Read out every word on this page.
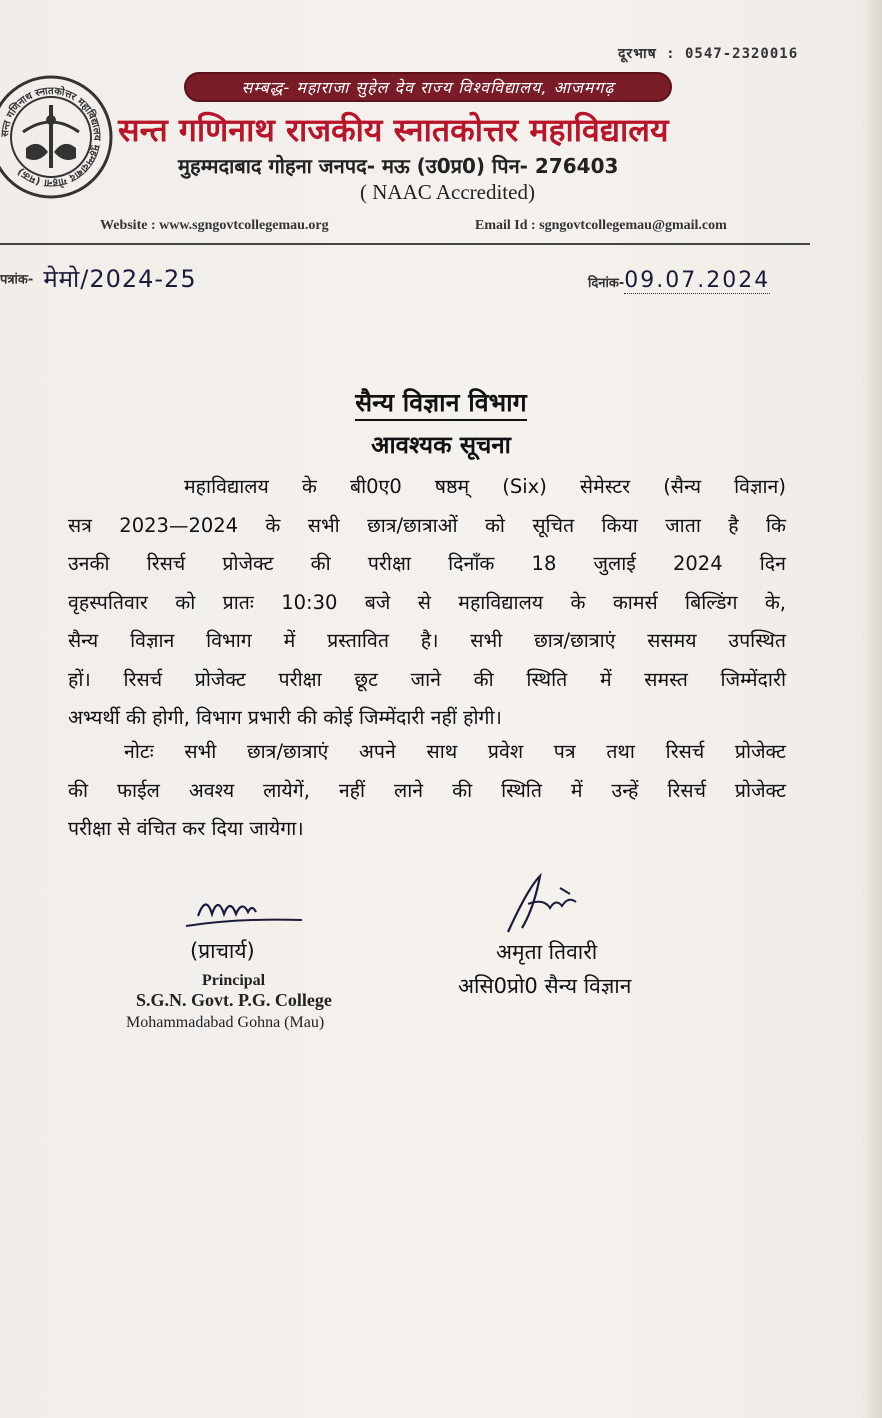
दूरभाष : 0547-2320016
सन्त गणिनाथ स्नातकोत्तर महाविद्यालय मुहम्मदाबाद गोहना (मऊ)
सम्बद्ध- महाराजा सुहेल देव राज्य विश्वविद्यालय, आजमगढ़
सन्त गणिनाथ राजकीय स्नातकोत्तर महाविद्यालय
मुहम्मदाबाद गोहना जनपद- मऊ (उ0प्र0) पिन- 276403
( NAAC Accredited)
Website : www.sgngovtcollegemau.org	Email Id : sgngovtcollegemau@gmail.com
पत्रांक- मेमो/2024-25	दिनांक-09.07.2024
सैन्य विज्ञान विभाग
आवश्यक सूचना
महाविद्यालय के बी0ए0 षष्ठम् (Six) सेमेस्टर (सैन्य विज्ञान)
सत्र 2023—2024 के सभी छात्र/छात्राओं को सूचित किया जाता है कि
उनकी रिसर्च प्रोजेक्ट की परीक्षा दिनाँक 18 जुलाई 2024 दिन
वृहस्पतिवार को प्रातः 10:30 बजे से महाविद्यालय के कामर्स बिल्डिंग के,
सैन्य विज्ञान विभाग में प्रस्तावित है। सभी छात्र/छात्राएं ससमय उपस्थित
हों। रिसर्च प्रोजेक्ट परीक्षा छूट जाने की स्थिति में समस्त जिम्मेंदारी
अभ्यर्थी की होगी, विभाग प्रभारी की कोई जिम्मेंदारी नहीं होगी।
नोटः सभी छात्र/छात्राएं अपने साथ प्रवेश पत्र तथा रिसर्च प्रोजेक्ट
की फाईल अवश्य लायेगें, नहीं लाने की स्थिति में उन्हें रिसर्च प्रोजेक्ट
परीक्षा से वंचित कर दिया जायेगा।
(प्राचार्य)
Principal
S.G.N. Govt. P.G. College
Mohammadabad Gohna (Mau)
अमृता तिवारी
असि0प्रो0 सैन्य विज्ञान
